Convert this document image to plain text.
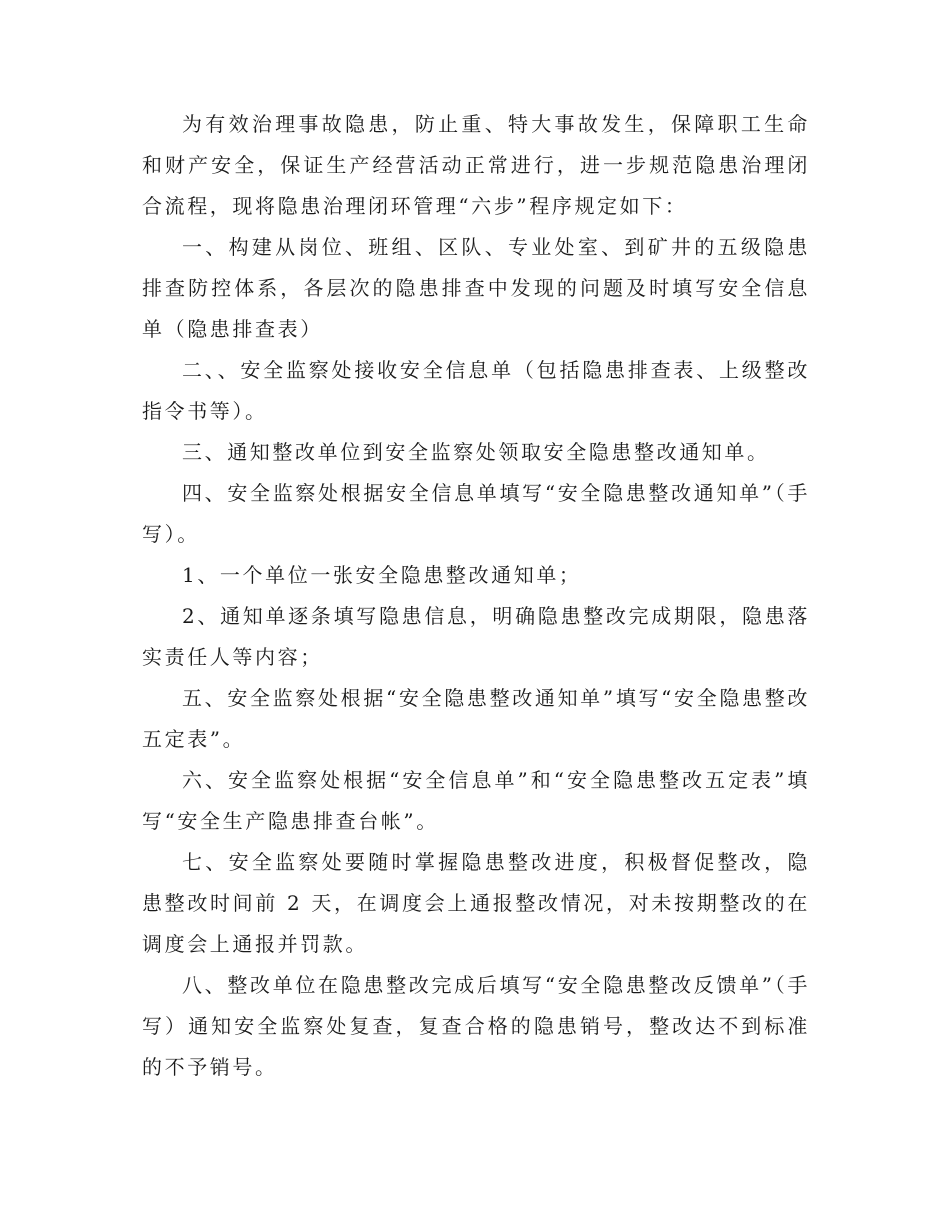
为有效治理事故隐患，防止重、特大事故发生，保障职工生命和财产安全，保证生产经营活动正常进行，进一步规范隐患治理闭合流程，现将隐患治理闭环管理“六步”程序规定如下：

一、构建从岗位、班组、区队、专业处室、到矿井的五级隐患排查防控体系，各层次的隐患排查中发现的问题及时填写安全信息单（隐患排查表）

二、、安全监察处接收安全信息单（包括隐患排查表、上级整改指令书等）。

三、通知整改单位到安全监察处领取安全隐患整改通知单。

四、安全监察处根据安全信息单填写“安全隐患整改通知单”（手写）。

1、一个单位一张安全隐患整改通知单；

2、通知单逐条填写隐患信息，明确隐患整改完成期限，隐患落实责任人等内容；

五、安全监察处根据“安全隐患整改通知单”填写“安全隐患整改五定表”。

六、安全监察处根据“安全信息单”和“安全隐患整改五定表”填写“安全生产隐患排查台帐”。

七、安全监察处要随时掌握隐患整改进度，积极督促整改，隐患整改时间前 2 天，在调度会上通报整改情况，对未按期整改的在调度会上通报并罚款。

八、整改单位在隐患整改完成后填写“安全隐患整改反馈单”（手写）通知安全监察处复查，复查合格的隐患销号，整改达不到标准的不予销号。
